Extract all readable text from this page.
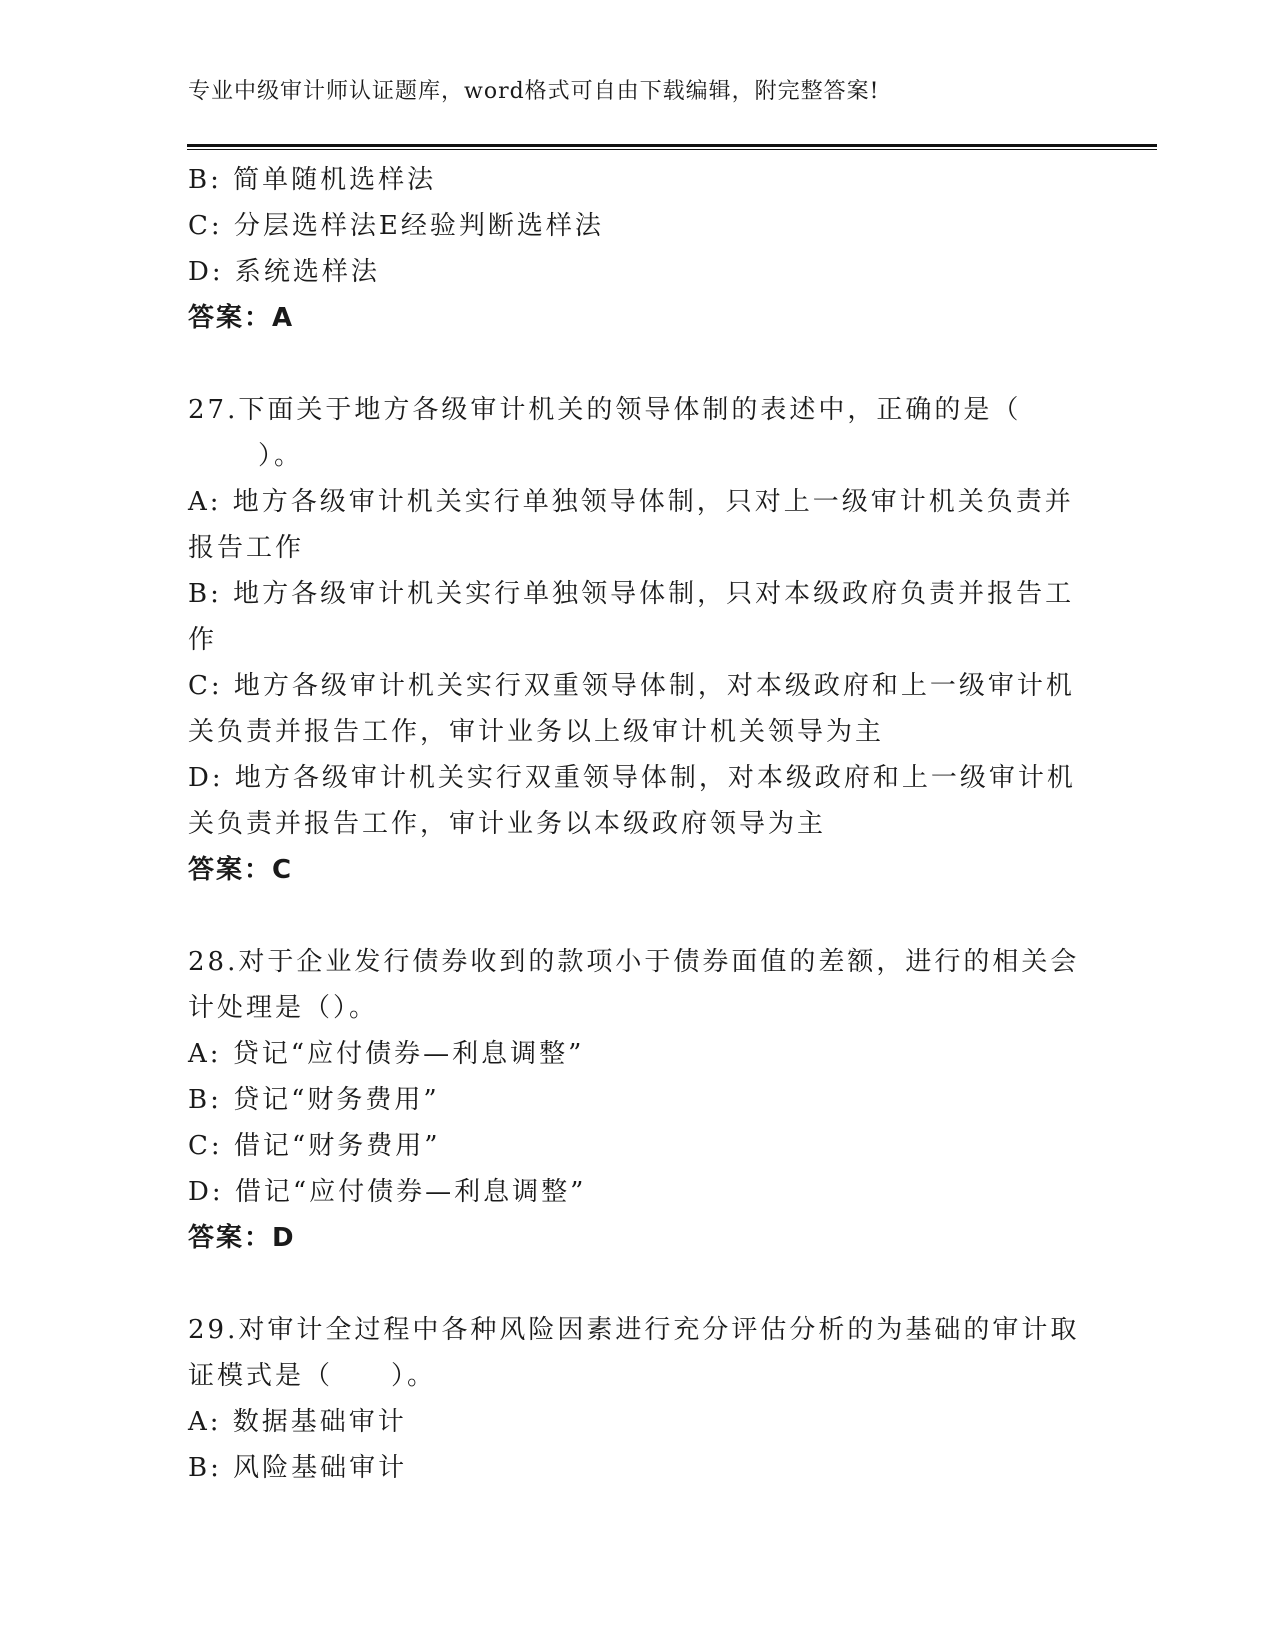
专业中级审计师认证题库，word格式可自由下载编辑，附完整答案!
B: 简单随机选样法
C: 分层选样法E经验判断选样法
D: 系统选样法
答案：A
27.下面关于地方各级审计机关的领导体制的表述中，正确的是（
）。
A: 地方各级审计机关实行单独领导体制，只对上一级审计机关负责并
报告工作
B: 地方各级审计机关实行单独领导体制，只对本级政府负责并报告工
作
C: 地方各级审计机关实行双重领导体制，对本级政府和上一级审计机
关负责并报告工作，审计业务以上级审计机关领导为主
D: 地方各级审计机关实行双重领导体制，对本级政府和上一级审计机
关负责并报告工作，审计业务以本级政府领导为主
答案：C
28.对于企业发行债券收到的款项小于债券面值的差额，进行的相关会
计处理是（）。
A: 贷记“应付债券—利息调整”
B: 贷记“财务费用”
C: 借记“财务费用”
D: 借记“应付债券—利息调整”
答案：D
29.对审计全过程中各种风险因素进行充分评估分析的为基础的审计取
证模式是（　　）。
A: 数据基础审计
B: 风险基础审计
